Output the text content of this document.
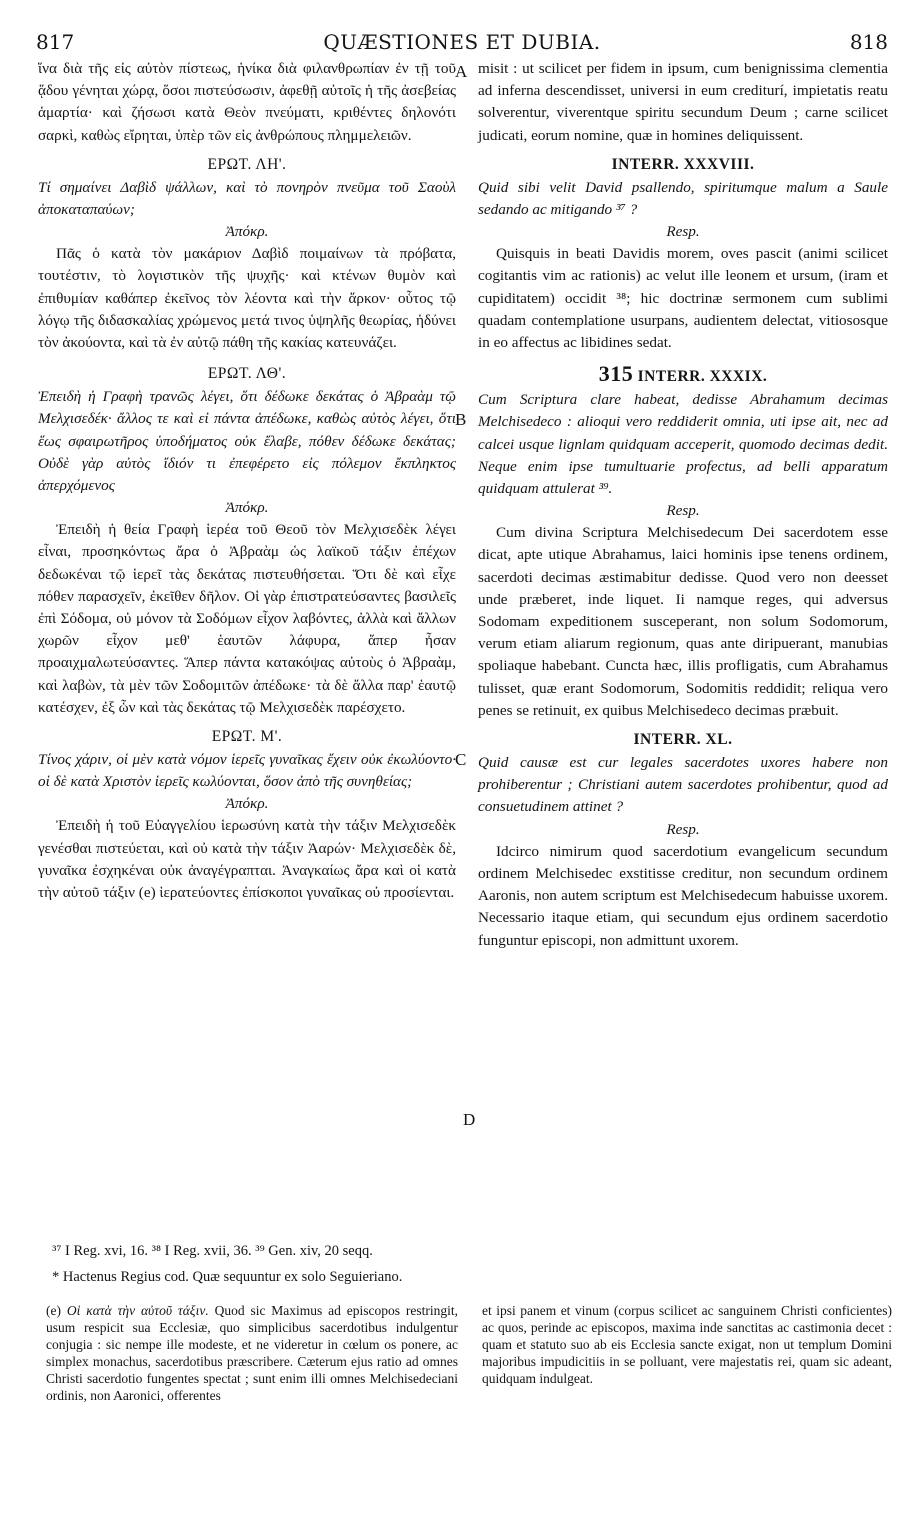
817	QUÆSTIONES ET DUBIA.	818
A
B
C
D

ἵνα διὰ τῆς εἰς αὐτὸν πίστεως, ἡνίκα διὰ φιλανθρωπίαν ἐν τῇ τοῦ ᾅδου γένηται χώρᾳ, ὅσοι πιστεύσωσιν, ἀφεθῇ αὐτοῖς ἡ τῆς ἀσεβείας ἁμαρτία· καὶ ζήσωσι κατὰ Θεὸν πνεύματι, κριθέντες δηλονότι σαρκὶ, καθὼς εἴρηται, ὑπὲρ τῶν εἰς ἀνθρώπους πλημμελειῶν.

ΕΡΩΤ. ΛΗ'.

Τί σημαίνει Δαβὶδ ψάλλων, καὶ τὸ πονηρὸν πνεῦμα τοῦ Σαοὺλ ἀποκαταπαύων;

Ἀπόκρ.

Πᾶς ὁ κατὰ τὸν μακάριον Δαβὶδ ποιμαίνων τὰ πρόβατα, τουτέστιν, τὸ λογιστικὸν τῆς ψυχῆς· καὶ κτένων θυμὸν καὶ ἐπιθυμίαν καθάπερ ἐκεῖνος τὸν λέοντα καὶ τὴν ἄρκον· οὗτος τῷ λόγῳ τῆς διδασκαλίας χρώμενος μετά τινος ὑψηλῆς θεωρίας, ἡδύνει τὸν ἀκούοντα, καὶ τὰ ἐν αὐτῷ πάθη τῆς κακίας κατευνάζει.

ΕΡΩΤ. ΛΘ'.

Ἐπειδὴ ἡ Γραφὴ τρανῶς λέγει, ὅτι δέδωκε δεκάτας ὁ Ἀβραὰμ τῷ Μελχισεδέκ· ἄλλος τε καὶ εἰ πάντα ἀπέδωκε, καθὼς αὐτὸς λέγει, ὅτι ἕως σφαιρωτῆρος ὑποδήματος οὐκ ἔλαβε, πόθεν δέδωκε δεκάτας; Οὐδὲ γὰρ αὐτὸς ἴδιόν τι ἐπεφέρετο εἰς πόλεμον ἔκπληκτος ἀπερχόμενος

Ἀπόκρ.

Ἐπειδὴ ἡ θεία Γραφὴ ἱερέα τοῦ Θεοῦ τὸν Μελχισεδὲκ λέγει εἶναι, προσηκόντως ἄρα ὁ Ἀβραὰμ ὡς λαϊκοῦ τάξιν ἐπέχων δεδωκέναι τῷ ἱερεῖ τὰς δεκάτας πιστευθήσεται. Ὅτι δὲ καὶ εἶχε πόθεν παρασχεῖν, ἐκεῖθεν δῆλον. Οἱ γὰρ ἐπιστρατεύσαντες βασιλεῖς ἐπὶ Σόδομα, οὐ μόνον τὰ Σοδόμων εἶχον λαβόντες, ἀλλὰ καὶ ἄλλων χωρῶν εἶχον μεθ' ἑαυτῶν λάφυρα, ἅπερ ἦσαν προαιχμαλωτεύσαντες. Ἅπερ πάντα κατακόψας αὐτοὺς ὁ Ἀβραὰμ, καὶ λαβὼν, τὰ μὲν τῶν Σοδομιτῶν ἀπέδωκε· τὰ δὲ ἄλλα παρ' ἑαυτῷ κατέσχεν, ἐξ ὧν καὶ τὰς δεκάτας τῷ Μελχισεδὲκ παρέσχετο.

ΕΡΩΤ. Μ'.

Τίνος χάριν, οἱ μὲν κατὰ νόμον ἱερεῖς γυναῖκας ἔχειν οὐκ ἐκωλύοντο· οἱ δὲ κατὰ Χριστὸν ἱερεῖς κωλύονται, ὅσον ἀπὸ τῆς συνηθείας;

Ἀπόκρ.

Ἐπειδὴ ἡ τοῦ Εὐαγγελίου ἱερωσύνη κατὰ τὴν τάξιν Μελχισεδὲκ γενέσθαι πιστεύεται, καὶ οὐ κατὰ τὴν τάξιν Ἀαρών· Μελχισεδὲκ δὲ, γυναῖκα ἐσχηκέναι οὐκ ἀναγέγραπται. Ἀναγκαίως ἄρα καὶ οἱ κατὰ τὴν αὐτοῦ τάξιν (e) ἱερατεύοντες ἐπίσκοποι γυναῖκας οὐ προσίενται.

misit : ut scilicet per fidem in ipsum, cum benignissima clementia ad inferna descendisset, universi in eum crediturí, impietatis reatu solverentur, viverentque spiritu secundum Deum ; carne scilicet judicati, eorum nomine, quæ in homines deliquissent.

INTERR. XXXVIII.

Quid sibi velit David psallendo, spiritumque malum a Saule sedando ac mitigando ³⁷ ?

Resp.

Quisquis in beati Davidis morem, oves pascit (animi scilicet cogitantis vim ac rationis) ac velut ille leonem et ursum, (iram et cupiditatem) occidit ³⁸; hic doctrinæ sermonem cum sublimi quadam contemplatione usurpans, audientem delectat, vitiososque in eo affectus ac libidines sedat.

315 INTERR. XXXIX.

Cum Scriptura clare habeat, dedisse Abrahamum decimas Melchisedeco : alioqui vero reddiderit omnia, uti ipse ait, nec ad calcei usque lignlam quidquam acceperit, quomodo decimas dedit. Neque enim ipse tumultuarie profectus, ad belli apparatum quidquam attulerat ³⁹.

Resp.

Cum divina Scriptura Melchisedecum Dei sacerdotem esse dicat, apte utique Abrahamus, laici hominis ipse tenens ordinem, sacerdoti decimas æstimabitur dedisse. Quod vero non deesset unde præberet, inde liquet. Ii namque reges, qui adversus Sodomam expeditionem susceperant, non solum Sodomorum, verum etiam aliarum regionum, quas ante diripuerant, manubias spoliaque habebant. Cuncta hæc, illis profligatis, cum Abrahamus tulisset, quæ erant Sodomorum, Sodomitis reddidit; reliqua vero penes se retinuit, ex quibus Melchisedeco decimas præbuit.

INTERR. XL.

Quid causæ est cur legales sacerdotes uxores habere non prohiberentur ; Christiani autem sacerdotes prohibentur, quod ad consuetudinem attinet ?

Resp.

Idcirco nimirum quod sacerdotium evangelicum secundum ordinem Melchisedec exstitisse creditur, non secundum ordinem Aaronis, non autem scriptum est Melchisedecum habuisse uxorem. Necessario itaque etiam, qui secundum ejus ordinem sacerdotio funguntur episcopi, non admittunt uxorem.

³⁷ I Reg. xvi, 16. ³⁸ I Reg. xvii, 36. ³⁹ Gen. xiv, 20 seqq.
* Hactenus Regius cod. Quæ sequuntur ex solo Seguieriano.
(e) Οἱ κατὰ τὴν αὐτοῦ τάξιν. Quod sic Maximus ad episcopos restringit, usum respicit sua Ecclesiæ, quo simplicibus sacerdotibus indulgentur conjugia : sic nempe ille modeste, et ne videretur in cœlum os ponere, ac simplex monachus, sacerdotibus præscribere. Cæterum ejus ratio ad omnes Christi sacerdotio fungentes spectat ; sunt enim illi omnes Melchisedeciani ordinis, non Aaronici, offerentes
et ipsi panem et vinum (corpus scilicet ac sanguinem Christi conficientes) ac quos, perinde ac episcopos, maxima inde sanctitas ac castimonia decet : quam et statuto suo ab eis Ecclesia sancte exigat, non ut templum Domini majoribus impudicitiis in se polluant, vere majestatis rei, quam sic adeant, quidquam indulgeat.
